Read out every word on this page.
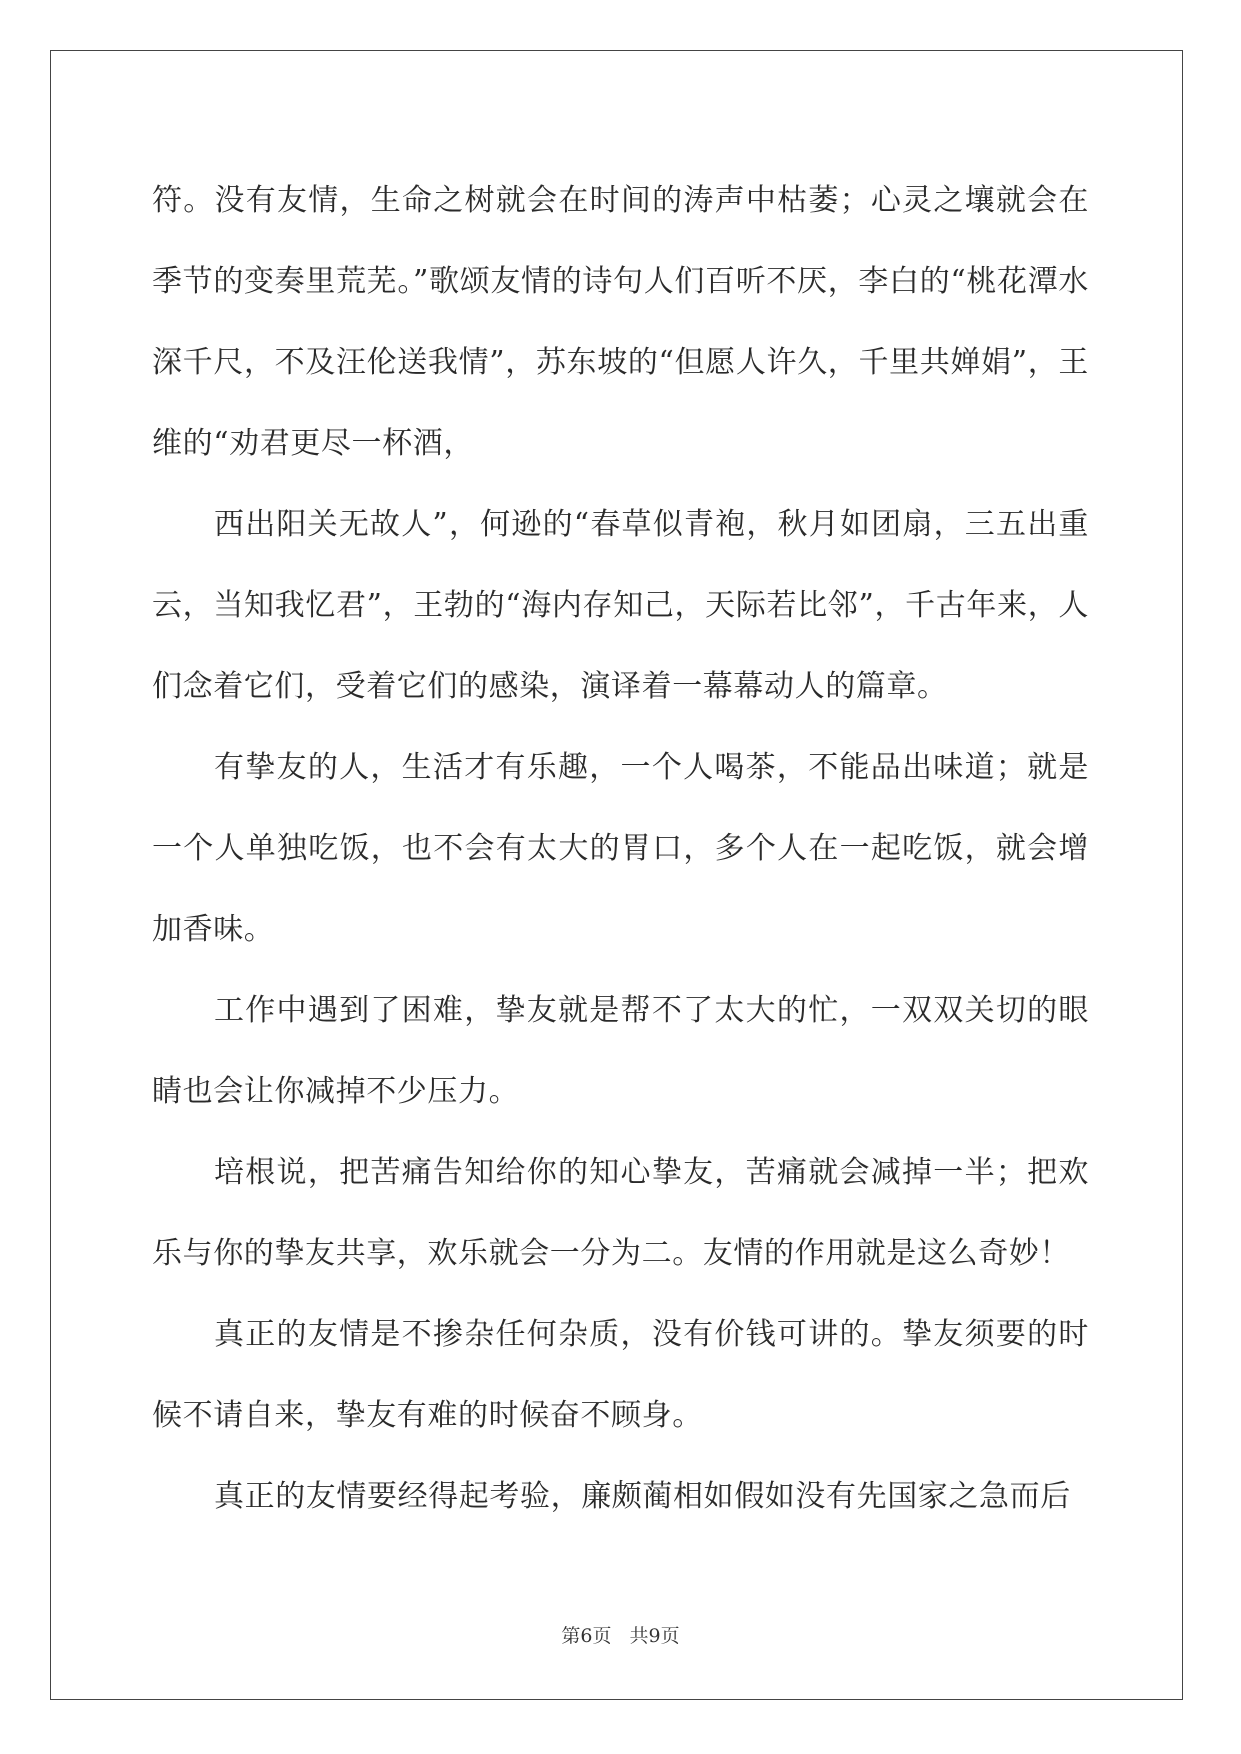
符。没有友情，生命之树就会在时间的涛声中枯萎；心灵之壤就会在季节的变奏里荒芜。”歌颂友情的诗句人们百听不厌，李白的“桃花潭水深千尺，不及汪伦送我情”，苏东坡的“但愿人许久，千里共婵娟”，王维的“劝君更尽一杯酒，

西出阳关无故人”，何逊的“春草似青袍，秋月如团扇，三五出重云，当知我忆君”，王勃的“海内存知己，天际若比邻”，千古年来，人们念着它们，受着它们的感染，演译着一幕幕动人的篇章。

有挚友的人，生活才有乐趣，一个人喝茶，不能品出味道；就是一个人单独吃饭，也不会有太大的胃口，多个人在一起吃饭，就会增加香味。

工作中遇到了困难，挚友就是帮不了太大的忙，一双双关切的眼睛也会让你减掉不少压力。

培根说，把苦痛告知给你的知心挚友，苦痛就会减掉一半；把欢乐与你的挚友共享，欢乐就会一分为二。友情的作用就是这么奇妙！

真正的友情是不掺杂任何杂质，没有价钱可讲的。挚友须要的时候不请自来，挚友有难的时候奋不顾身。

真正的友情要经得起考验，廉颇蔺相如假如没有先国家之急而后

第6页 共9页
